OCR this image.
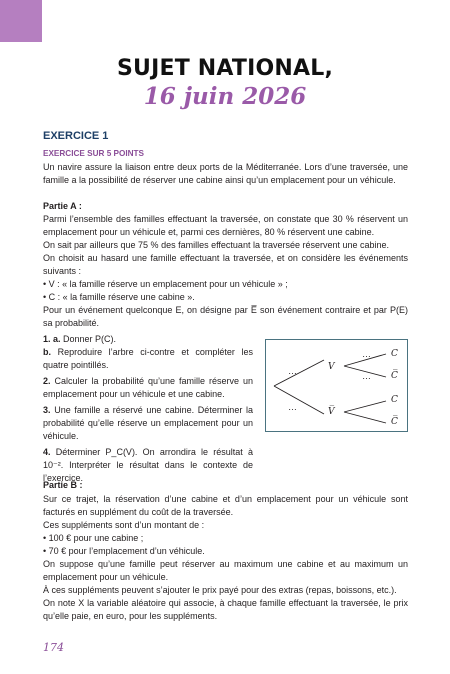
SUJET NATIONAL,
16 juin 2026
EXERCICE 1
EXERCICE SUR 5 POINTS

Un navire assure la liaison entre deux ports de la Méditerranée. Lors d’une traversée, une famille a la possibilité de réserver une cabine ainsi qu’un emplacement pour un véhicule.

Partie A :

Parmi l’ensemble des familles effectuant la traversée, on constate que 30 % réservent un emplacement pour un véhicule et, parmi ces dernières, 80 % réservent une cabine.

On sait par ailleurs que 75 % des familles effectuant la traversée réservent une cabine.

On choisit au hasard une famille effectuant la traversée, et on considère les événements suivants :

• V : « la famille réserve un emplacement pour un véhicule » ;

• C : « la famille réserve une cabine ».

Pour un événement quelconque E, on désigne par E̅ son événement contraire et par P(E) sa probabilité.

1. a. Donner P(C).

b. Reproduire l’arbre ci-contre et compléter les quatre pointillés.

2. Calculer la probabilité qu’une famille réserve un emplacement pour un véhicule et une cabine.

3. Une famille a réservé une cabine. Déterminer la probabilité qu’elle réserve un emplacement pour un véhicule.

4. Déterminer P_C(V). On arrondira le résultat à 10⁻². Interpréter le résultat dans le contexte de l’exercice.

…
…
…
…
V
V̅
C
C̅
C
C̅
Partie B :

Sur ce trajet, la réservation d’une cabine et d’un emplacement pour un véhicule sont facturés en supplément du coût de la traversée.

Ces suppléments sont d’un montant de :

• 100 € pour une cabine ;

• 70 € pour l’emplacement d’un véhicule.

On suppose qu’une famille peut réserver au maximum une cabine et au maximum un emplacement pour un véhicule.

À ces suppléments peuvent s’ajouter le prix payé pour des extras (repas, boissons, etc.).

On note X la variable aléatoire qui associe, à chaque famille effectuant la traversée, le prix qu’elle paie, en euro, pour les suppléments.

174
